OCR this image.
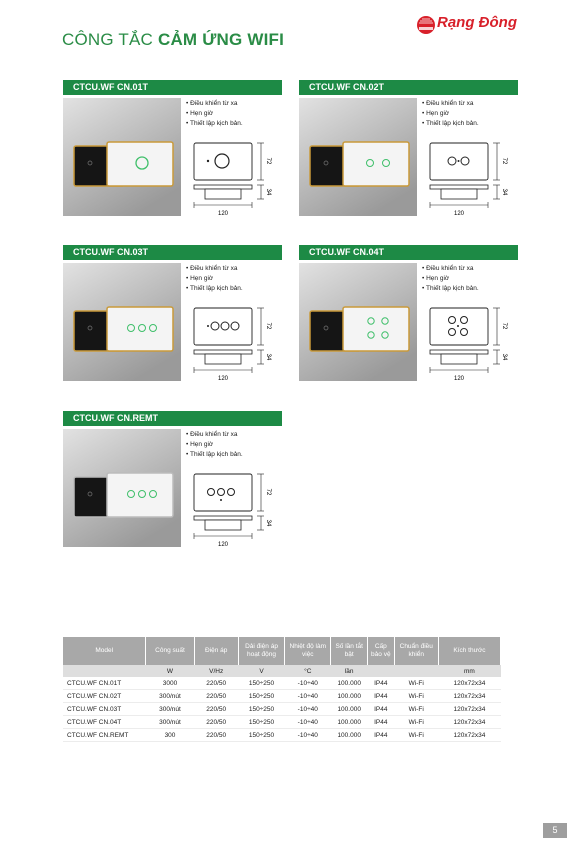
CÔNG TẮC CẢM ỨNG WIFI
Rạng Đông
CTCU.WF CN.01T
• Điều khiển từ xa
• Hẹn giờ
• Thiết lập kịch bản.
72
34
120
CTCU.WF CN.02T
• Điều khiển từ xa
• Hẹn giờ
• Thiết lập kịch bản.
72
34
120
CTCU.WF CN.03T
• Điều khiển từ xa
• Hẹn giờ
• Thiết lập kịch bản.
72
34
120
CTCU.WF CN.04T
• Điều khiển từ xa
• Hẹn giờ
• Thiết lập kịch bản.
72
34
120
CTCU.WF CN.REMT
• Điều khiển từ xa
• Hẹn giờ
• Thiết lập kịch bản.
72
34
120
Model	Công suất	Điện áp	Dải điện áp hoạt động	Nhiệt độ làm việc	Số lần tắt bật	Cấp bảo vệ	Chuẩn điều khiển	Kích thước
	W	V/Hz	V	°C	lần			mm
CTCU.WF CN.01T	3000	220/50	150÷250	-10÷40	100.000	IP44	Wi-Fi	120x72x34
CTCU.WF CN.02T	300/nút	220/50	150÷250	-10÷40	100.000	IP44	Wi-Fi	120x72x34
CTCU.WF CN.03T	300/nút	220/50	150÷250	-10÷40	100.000	IP44	Wi-Fi	120x72x34
CTCU.WF CN.04T	300/nút	220/50	150÷250	-10÷40	100.000	IP44	Wi-Fi	120x72x34
CTCU.WF CN.REMT	300	220/50	150÷250	-10÷40	100.000	IP44	Wi-Fi	120x72x34
5
